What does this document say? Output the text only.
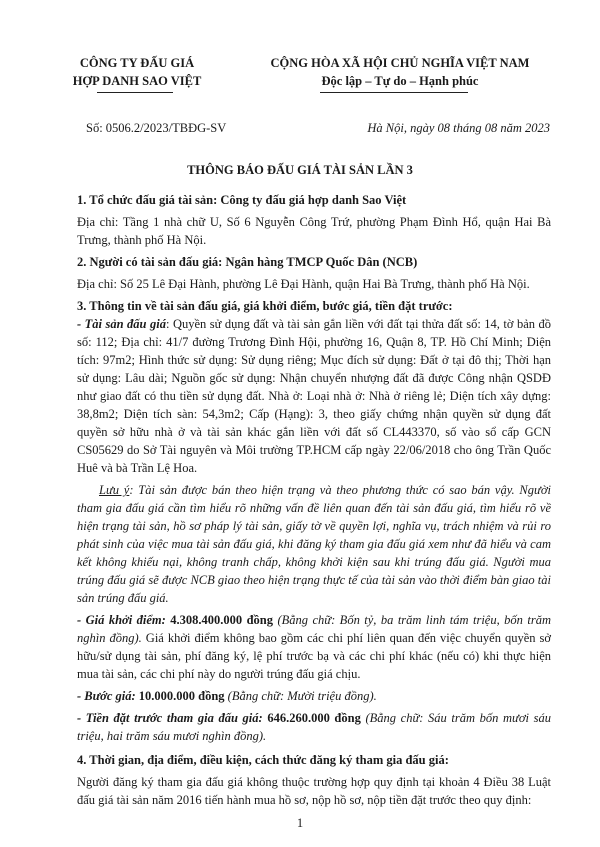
CÔNG TY ĐẤU GIÁ
HỢP DANH SAO VIỆT
CỘNG HÒA XÃ HỘI CHỦ NGHĨA VIỆT NAM
Độc lập – Tự do – Hạnh phúc
Số: 0506.2/2023/TBĐG-SV	Hà Nội, ngày 08 tháng 08 năm 2023
THÔNG BÁO ĐẤU GIÁ TÀI SẢN LẦN 3

1. Tổ chức đấu giá tài sản: Công ty đấu giá hợp danh Sao Việt

Địa chỉ: Tầng 1 nhà chữ U, Số 6 Nguyễn Công Trứ, phường Phạm Đình Hổ, quận Hai Bà Trưng, thành phố Hà Nội.

2. Người có tài sản đấu giá: Ngân hàng TMCP Quốc Dân (NCB)

Địa chỉ: Số 25 Lê Đại Hành, phường Lê Đại Hành, quận Hai Bà Trưng, thành phố Hà Nội.

3. Thông tin về tài sản đấu giá, giá khởi điểm, bước giá, tiền đặt trước:

- Tài sản đấu giá: Quyền sử dụng đất và tài sản gắn liền với đất tại thửa đất số: 14, tờ bản đồ số: 112; Địa chỉ: 41/7 đường Trương Đình Hội, phường 16, Quận 8, TP. Hồ Chí Minh; Diện tích: 97m2; Hình thức sử dụng: Sử dụng riêng; Mục đích sử dụng: Đất ở tại đô thị; Thời hạn sử dụng: Lâu dài; Nguồn gốc sử dụng: Nhận chuyển nhượng đất đã được Công nhận QSDĐ như giao đất có thu tiền sử dụng đất. Nhà ở: Loại nhà ở: Nhà ở riêng lẻ; Diện tích xây dựng: 38,8m2; Diện tích sàn: 54,3m2; Cấp (Hạng): 3, theo giấy chứng nhận quyền sử dụng đất quyền sở hữu nhà ở và tài sản khác gắn liền với đất số CL443370, số vào sổ cấp GCN CS05629 do Sở Tài nguyên và Môi trường TP.HCM cấp ngày 22/06/2018 cho ông Trần Quốc Huê và bà Trần Lệ Hoa.

Lưu ý: Tài sản được bán theo hiện trạng và theo phương thức có sao bán vậy. Người tham gia đấu giá cần tìm hiểu rõ những vấn đề liên quan đến tài sản đấu giá, tìm hiểu rõ về hiện trạng tài sản, hồ sơ pháp lý tài sản, giấy tờ về quyền lợi, nghĩa vụ, trách nhiệm và rủi ro phát sinh của việc mua tài sản đấu giá, khi đăng ký tham gia đấu giá xem như đã hiểu và cam kết không khiếu nại, không tranh chấp, không khởi kiện sau khi trúng đấu giá. Người mua trúng đấu giá sẽ được NCB giao theo hiện trạng thực tế của tài sản vào thời điểm bàn giao tài sản trúng đấu giá.

- Giá khởi điểm: 4.308.400.000 đồng (Bằng chữ: Bốn tỷ, ba trăm linh tám triệu, bốn trăm nghìn đồng). Giá khởi điểm không bao gồm các chi phí liên quan đến việc chuyển quyền sở hữu/sử dụng tài sản, phí đăng ký, lệ phí trước bạ và các chi phí khác (nếu có) khi thực hiện mua tài sản, các chi phí này do người trúng đấu giá chịu.

- Bước giá: 10.000.000 đồng (Bằng chữ: Mười triệu đồng).

- Tiền đặt trước tham gia đấu giá: 646.260.000 đồng (Bằng chữ: Sáu trăm bốn mươi sáu triệu, hai trăm sáu mươi nghìn đồng).

4. Thời gian, địa điểm, điều kiện, cách thức đăng ký tham gia đấu giá:

Người đăng ký tham gia đấu giá không thuộc trường hợp quy định tại khoản 4 Điều 38 Luật đấu giá tài sản năm 2016 tiến hành mua hồ sơ, nộp hồ sơ, nộp tiền đặt trước theo quy định:

1
